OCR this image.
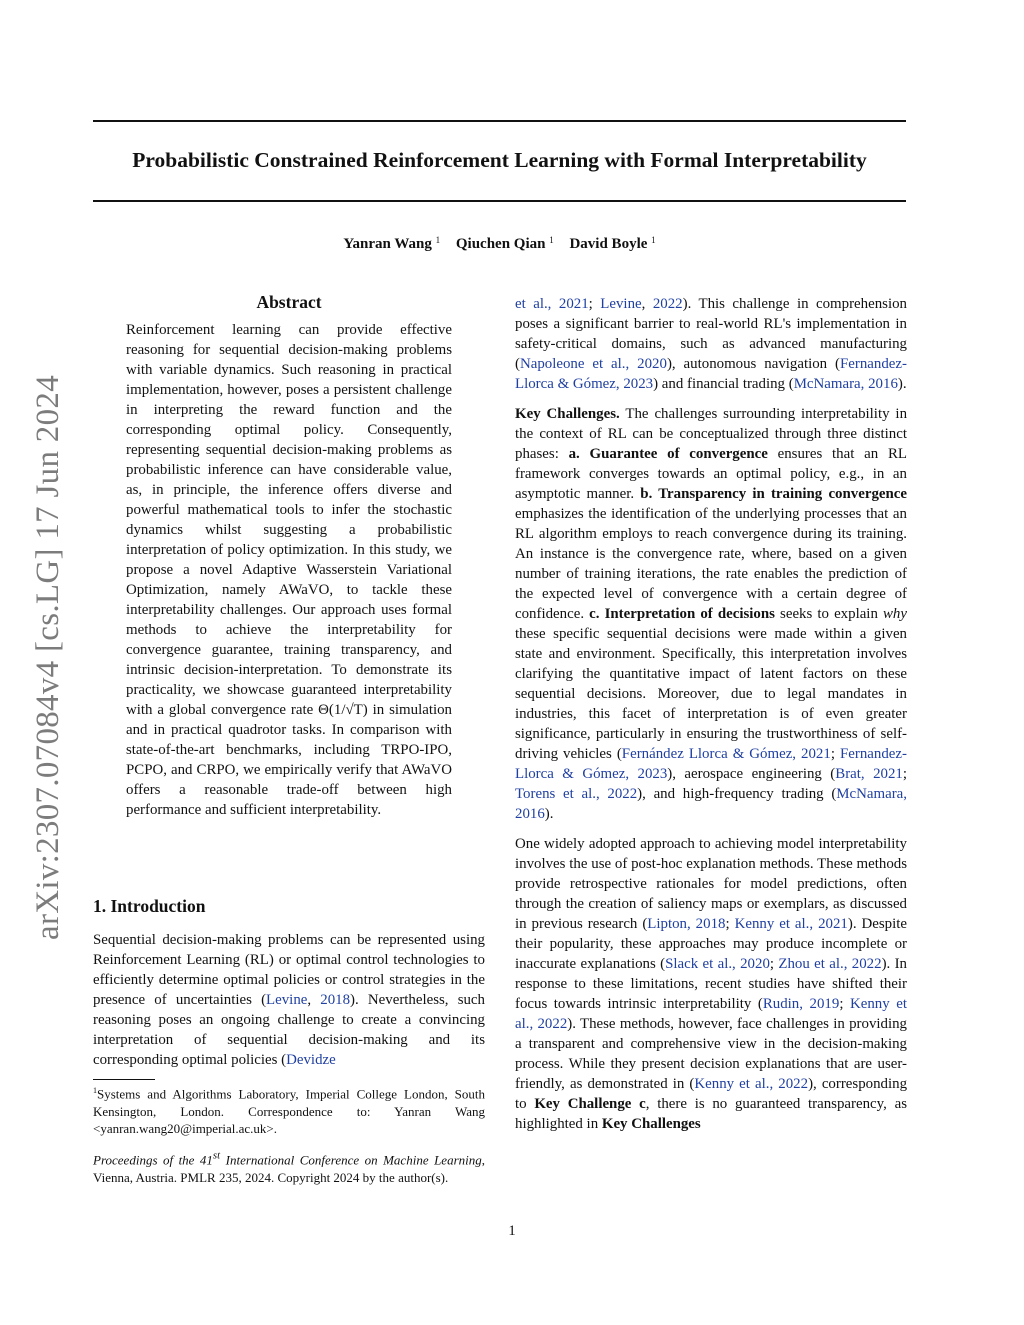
Probabilistic Constrained Reinforcement Learning with Formal Interpretability
Yanran Wang $^1$ Qiuchen Qian $^1$ David Boyle $^1$
arXiv:2307.07084v4 [cs.LG] 17 Jun 2024
Abstract
Reinforcement learning can provide effective reasoning for sequential decision-making problems with variable dynamics. Such reasoning in practical implementation, however, poses a persistent challenge in interpreting the reward function and the corresponding optimal policy. Consequently, representing sequential decision-making problems as probabilistic inference can have considerable value, as, in principle, the inference offers diverse and powerful mathematical tools to infer the stochastic dynamics whilst suggesting a probabilistic interpretation of policy optimization. In this study, we propose a novel Adaptive Wasserstein Variational Optimization, namely AWaVO, to tackle these interpretability challenges. Our approach uses formal methods to achieve the interpretability for convergence guarantee, training transparency, and intrinsic decision-interpretation. To demonstrate its practicality, we showcase guaranteed interpretability with a global convergence rate Θ(1/√T) in simulation and in practical quadrotor tasks. In comparison with state-of-the-art benchmarks, including TRPO-IPO, PCPO, and CRPO, we empirically verify that AWaVO offers a reasonable trade-off between high performance and sufficient interpretability.
1. Introduction
Sequential decision-making problems can be represented using Reinforcement Learning (RL) or optimal control technologies to efficiently determine optimal policies or control strategies in the presence of uncertainties (Levine, 2018). Nevertheless, such reasoning poses an ongoing challenge to create a convincing interpretation of sequential decision-making and its corresponding optimal policies (Devidze
$^1$Systems and Algorithms Laboratory, Imperial College London, South Kensington, London. Correspondence to: Yanran Wang <yanran.wang20@imperial.ac.uk>.
Proceedings of the 41st International Conference on Machine Learning, Vienna, Austria. PMLR 235, 2024. Copyright 2024 by the author(s).

et al., 2021; Levine, 2022). This challenge in comprehension poses a significant barrier to real-world RL's implementation in safety-critical domains, such as advanced manufacturing (Napoleone et al., 2020), autonomous navigation (Fernandez-Llorca & Gómez, 2023) and financial trading (McNamara, 2016).

Key Challenges. The challenges surrounding interpretability in the context of RL can be conceptualized through three distinct phases: a. Guarantee of convergence ensures that an RL framework converges towards an optimal policy, e.g., in an asymptotic manner. b. Transparency in training convergence emphasizes the identification of the underlying processes that an RL algorithm employs to reach convergence during its training. An instance is the convergence rate, where, based on a given number of training iterations, the rate enables the prediction of the expected level of convergence with a certain degree of confidence. c. Interpretation of decisions seeks to explain why these specific sequential decisions were made within a given state and environment. Specifically, this interpretation involves clarifying the quantitative impact of latent factors on these sequential decisions. Moreover, due to legal mandates in industries, this facet of interpretation is of even greater significance, particularly in ensuring the trustworthiness of self-driving vehicles (Fernández Llorca & Gómez, 2021; Fernandez-Llorca & Gómez, 2023), aerospace engineering (Brat, 2021; Torens et al., 2022), and high-frequency trading (McNamara, 2016).

One widely adopted approach to achieving model interpretability involves the use of post-hoc explanation methods. These methods provide retrospective rationales for model predictions, often through the creation of saliency maps or exemplars, as discussed in previous research (Lipton, 2018; Kenny et al., 2021). Despite their popularity, these approaches may produce incomplete or inaccurate explanations (Slack et al., 2020; Zhou et al., 2022). In response to these limitations, recent studies have shifted their focus towards intrinsic interpretability (Rudin, 2019; Kenny et al., 2022). These methods, however, face challenges in providing a transparent and comprehensive view in the decision-making process. While they present decision explanations that are user-friendly, as demonstrated in (Kenny et al., 2022), corresponding to Key Challenge c, there is no guaranteed transparency, as highlighted in Key Challenges

1
